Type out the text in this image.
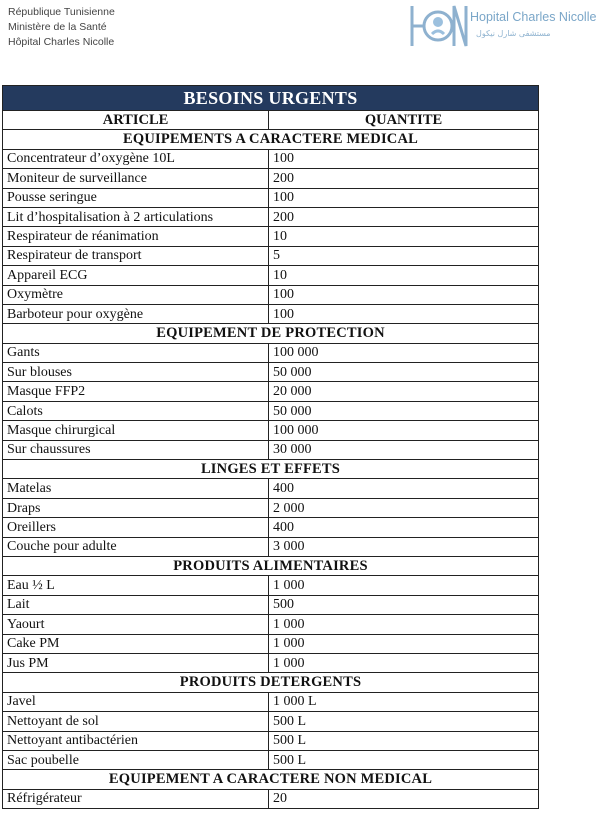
République Tunisienne
Ministère de la Santé
Hôpital Charles Nicolle
Hopital Charles Nicolle
مستشفى شارل نيكول
BESOINS URGENTS	
ARTICLE	QUANTITE
EQUIPEMENTS A CARACTERE MEDICAL	
Concentrateur d’oxygène 10L	100
Moniteur de surveillance	200
Pousse seringue	100
Lit d’hospitalisation à 2 articulations	200
Respirateur de réanimation	10
Respirateur de transport	5
Appareil ECG	10
Oxymètre	100
Barboteur pour oxygène	100
EQUIPEMENT DE PROTECTION	
Gants	100 000
Sur blouses	50 000
Masque FFP2	20 000
Calots	50 000
Masque chirurgical	100 000
Sur chaussures	30 000
LINGES ET EFFETS	
Matelas	400
Draps	2 000
Oreillers	400
Couche pour adulte	3 000
PRODUITS ALIMENTAIRES	
Eau ½ L	1 000
Lait	500
Yaourt	1 000
Cake PM	1 000
Jus PM	1 000
PRODUITS DETERGENTS	
Javel	1 000 L
Nettoyant de sol	500 L
Nettoyant antibactérien	500 L
Sac poubelle	500 L
EQUIPEMENT A CARACTERE NON MEDICAL	
Réfrigérateur	20
